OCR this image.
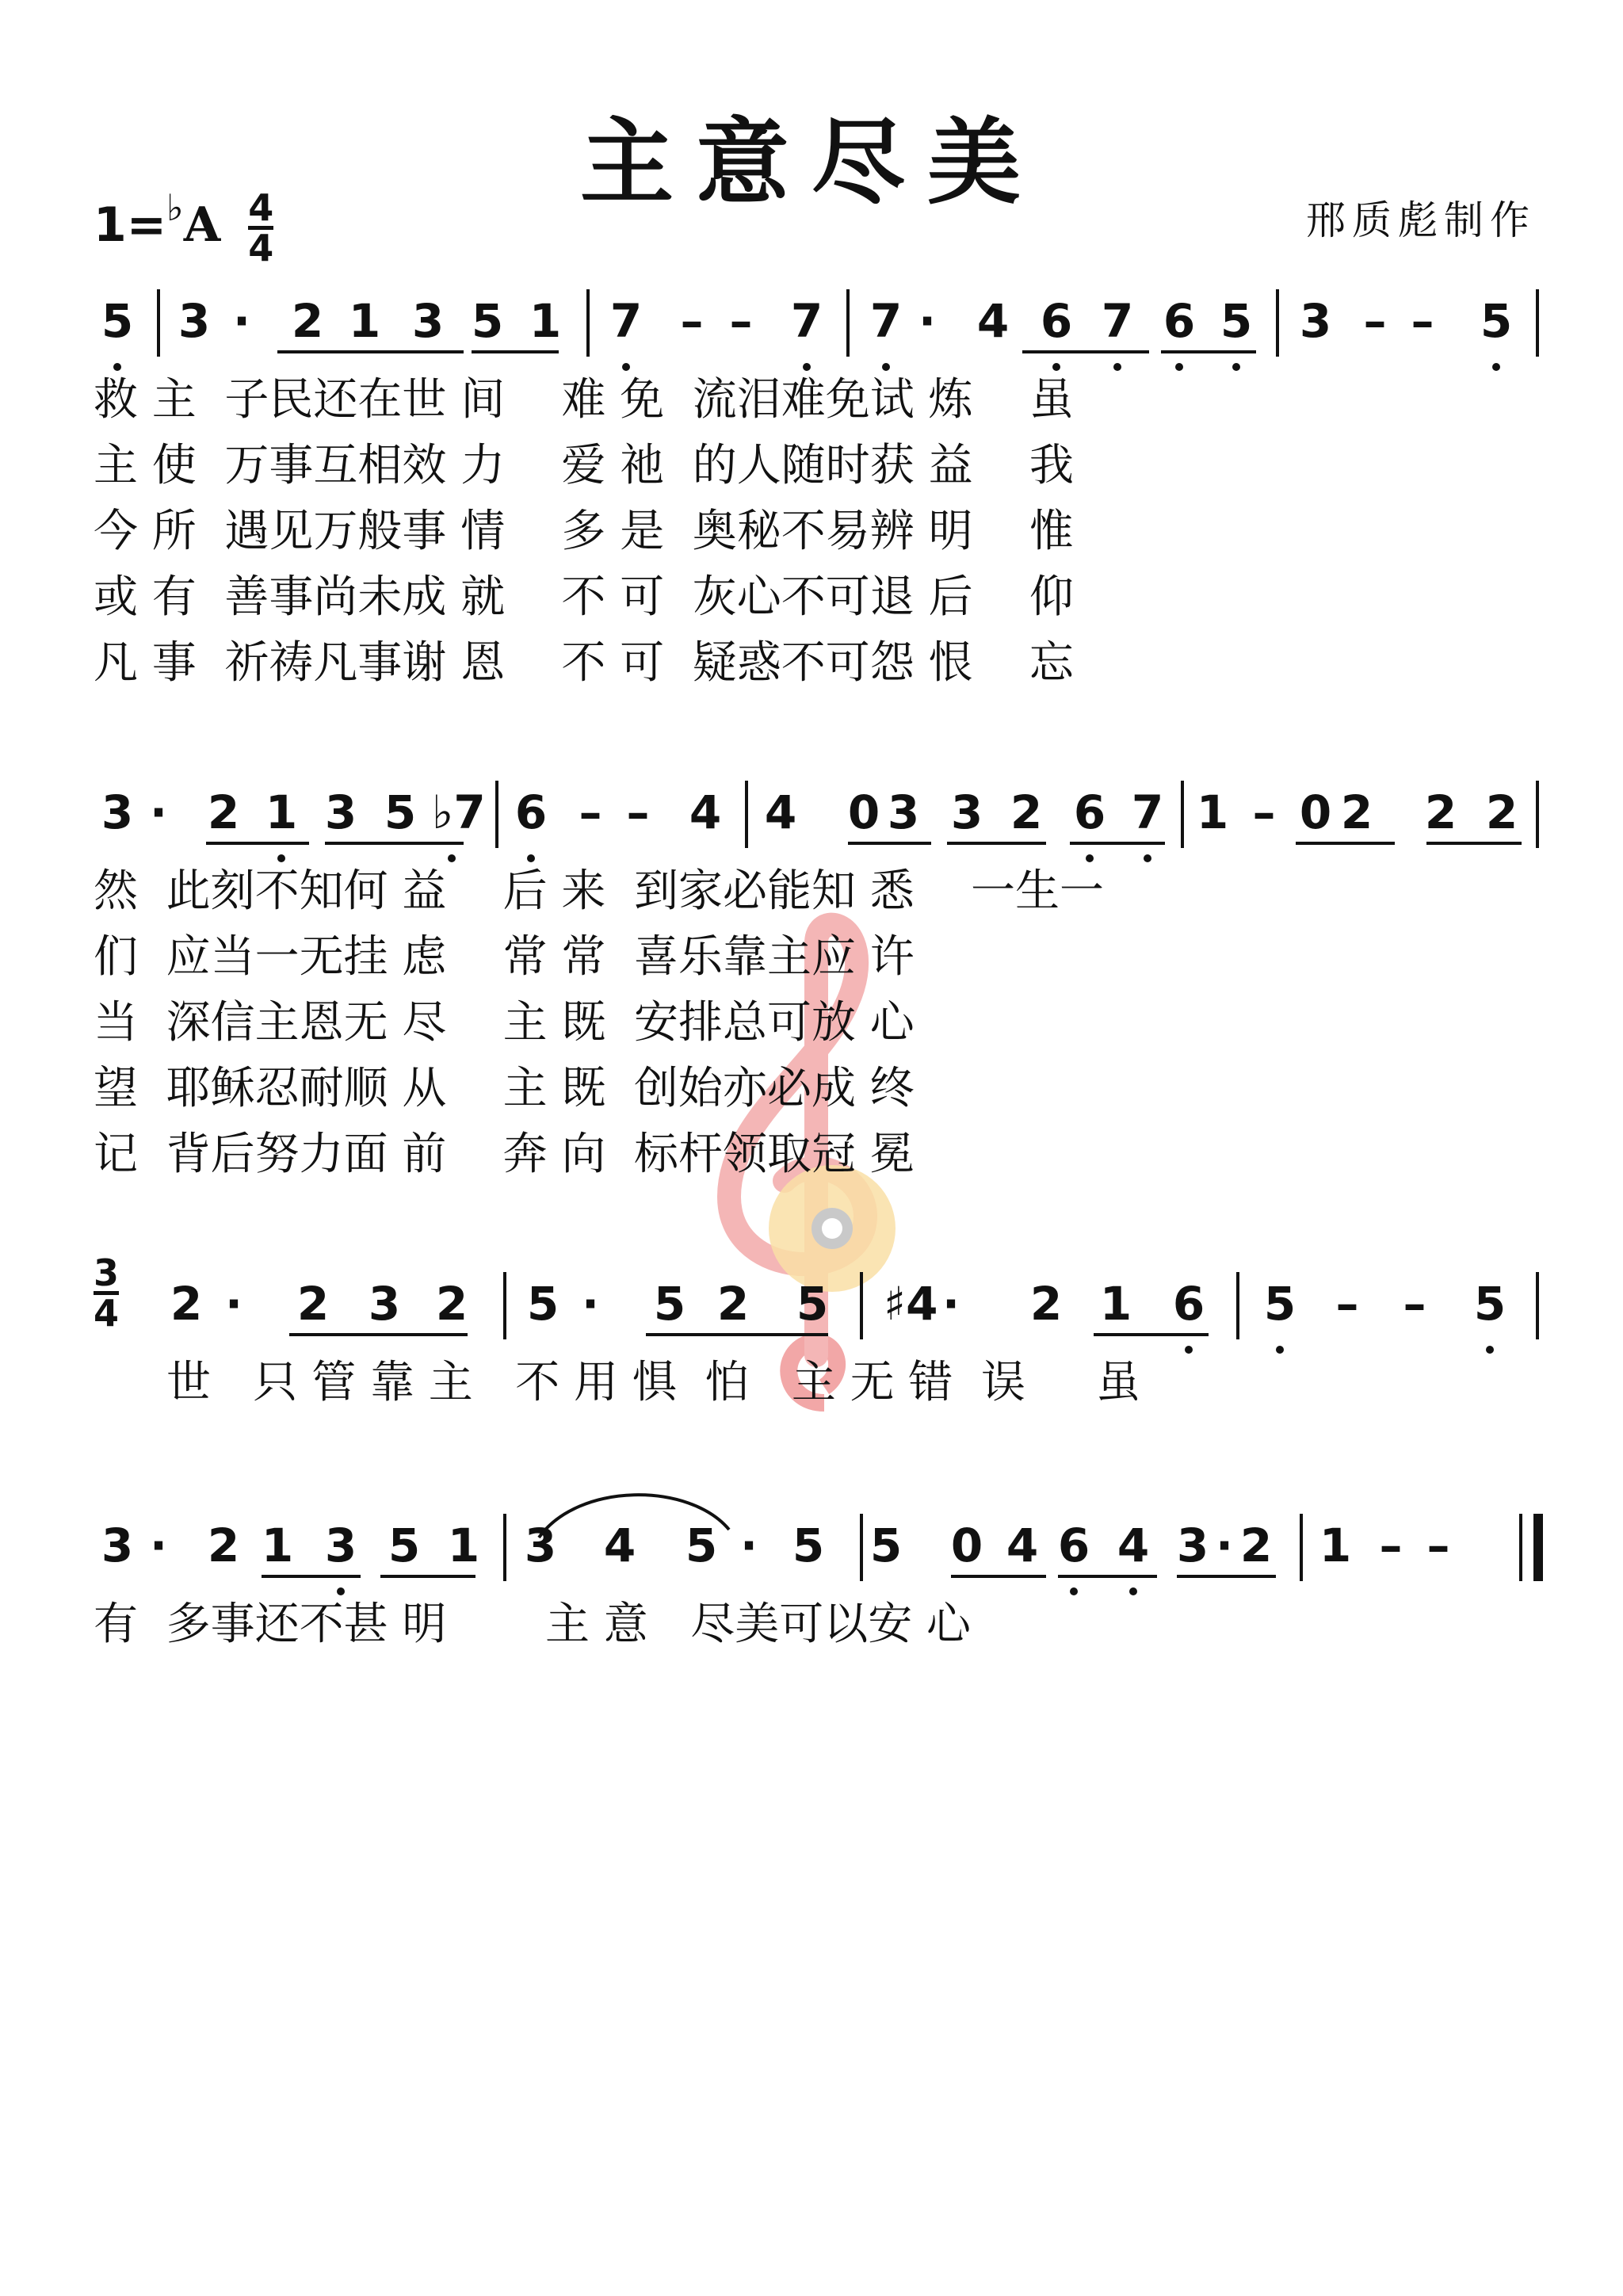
主意尽美
1=♭A 4
4
邢质彪制作
3
4
5 3 · 2 1 3 5 1 7 – – 7 7 · 4 6 7 6 5 3 – – 5
救 主  子民还在世 间    难 免  流泪难免试 炼    虽
主 使  万事互相效 力    爱 祂  的人随时获 益    我
今 所  遇见万般事 情    多 是  奥秘不易辨 明    惟
或 有  善事尚未成 就    不 可  灰心不可退 后    仰
凡 事  祈祷凡事谢 恩    不 可  疑惑不可怨 恨    忘
3 · 2 1 3 5 ♭7 6 – – 4 4 0 3 3 2 6 7 1 – 0 2 2 2
然  此刻不知何 益    后 来  到家必能知 悉    一生一
们  应当一无挂 虑    常 常  喜乐靠主应 许
当  深信主恩无 尽    主 既  安排总可放 心
望  耶稣忍耐顺 从    主 既  创始亦必成 终
记  背后努力面 前    奔 向  标杆领取冠 冕
2 · 2 3 2 5 · 5 2 5 ♯4 · 2 1 6 5 – – 5
世   只 管 靠 主   不 用 惧  怕   主 无 错  误     虽
3 · 2 1 3 5 1 3 4 5 · 5 5 0 4 6 4 3 · 2 1 – –
有  多事还不甚 明       主 意   尽美可以安 心
